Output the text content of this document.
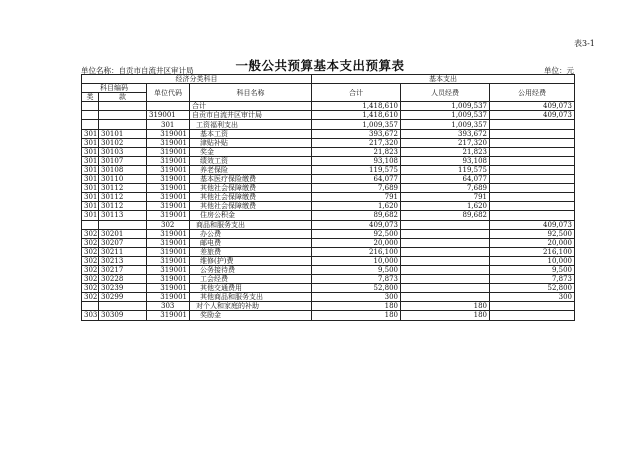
表3-1
一般公共预算基本支出预算表
单位名称：自贡市自流井区审计局	单位：元
经济分类科目				基本支出		
科目编码		单位代码	科目名称	合计	人员经费	公用经费
类	款					
			合计	1,418,610	1,009,537	409,073
		319001	自贡市自流井区审计局	1,418,610	1,009,537	409,073
		301	工资福利支出	1,009,357	1,009,357	
301	30101	319001	基本工资	393,672	393,672	
301	30102	319001	津贴补贴	217,320	217,320	
301	30103	319001	奖金	21,823	21,823	
301	30107	319001	绩效工资	93,108	93,108	
301	30108	319001	养老保险	119,575	119,575	
301	30110	319001	基本医疗保险缴费	64,077	64,077	
301	30112	319001	其他社会保障缴费	7,689	7,689	
301	30112	319001	其他社会保障缴费	791	791	
301	30112	319001	其他社会保障缴费	1,620	1,620	
301	30113	319001	住房公积金	89,682	89,682	
		302	商品和服务支出	409,073		409,073
302	30201	319001	办公费	92,500		92,500
302	30207	319001	邮电费	20,000		20,000
302	30211	319001	差旅费	216,100		216,100
302	30213	319001	维修(护)费	10,000		10,000
302	30217	319001	公务接待费	9,500		9,500
302	30228	319001	工会经费	7,873		7,873
302	30239	319001	其他交通费用	52,800		52,800
302	30299	319001	其他商品和服务支出	300		300
		303	对个人和家庭的补助	180	180	
303	30309	319001	奖励金	180	180	
